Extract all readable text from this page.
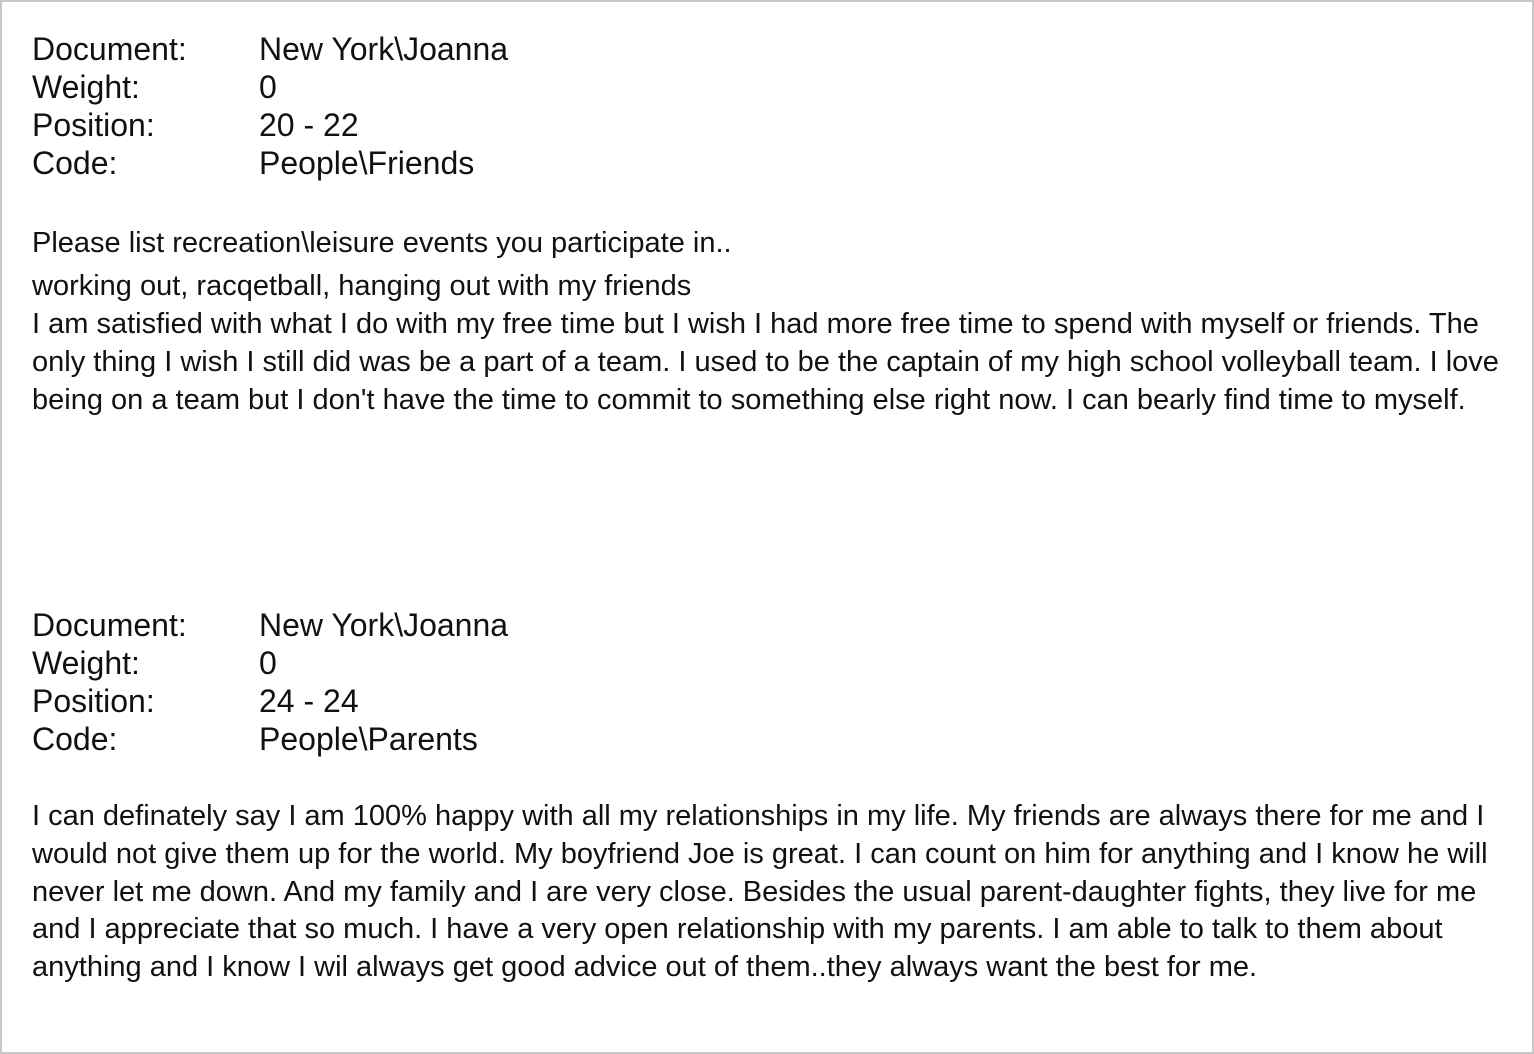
Document:	New York\Joanna
Weight:	0
Position:	20 - 22
Code:	People\Friends

Please list recreation\leisure events you participate in..

working out, racqetball, hanging out with my friends

I am satisfied with what I do with my free time but I wish I had more free time to spend with myself or friends. The only thing I wish I still did was be a part of a team. I used to be the captain of my high school volleyball team. I love being on a team but I don't have the time to commit to something else right now. I can bearly find time to myself.

Document:	New York\Joanna
Weight:	0
Position:	24 - 24
Code:	People\Parents

I can definately say I am 100% happy with all my relationships in my life. My friends are always there for me and I would not give them up for the world. My boyfriend Joe is great. I can count on him for anything and I know he will never let me down. And my family and I are very close. Besides the usual parent-daughter fights, they live for me and I appreciate that so much. I have a very open relationship with my parents. I am able to talk to them about anything and I know I wil always get good advice out of them..they always want the best for me.
